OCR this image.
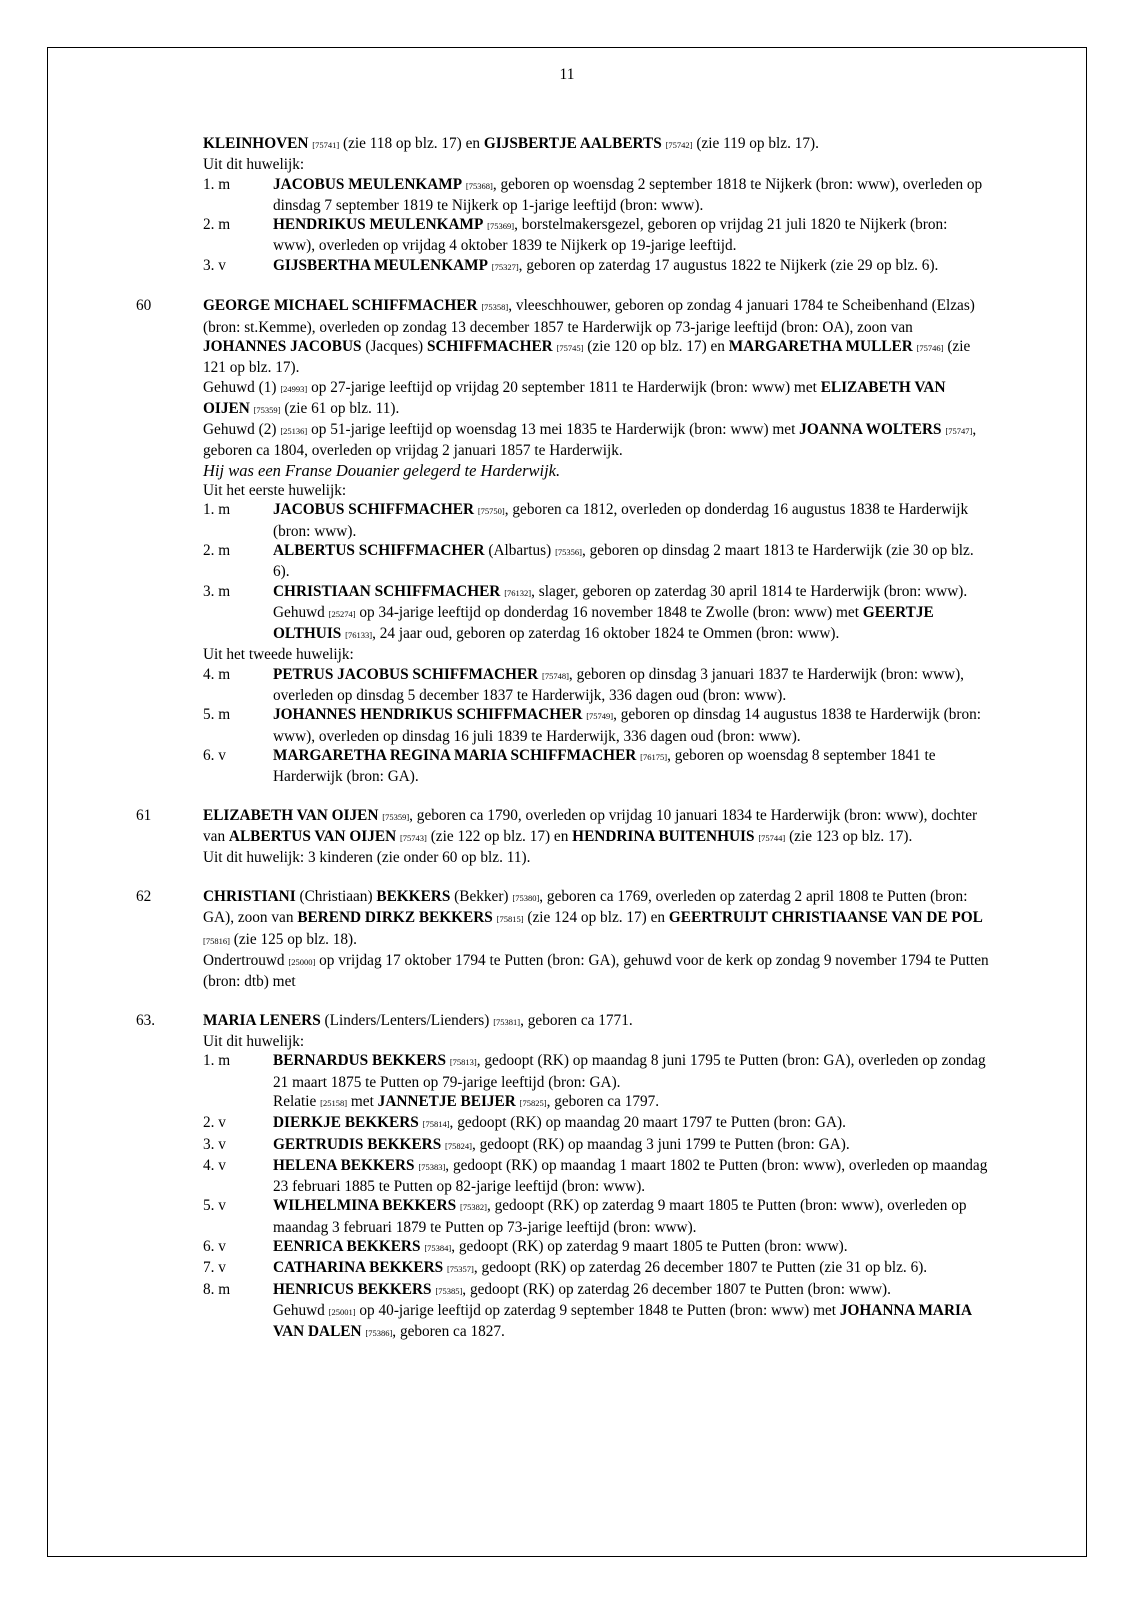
11
KLEINHOVEN [75741] (zie 118 op blz. 17) en GIJSBERTJE AALBERTS [75742] (zie 119 op blz. 17).
Uit dit huwelijk:
1. m	JACOBUS MEULENKAMP [75368], geboren op woensdag 2 september 1818 te Nijkerk (bron: www), overleden op dinsdag 7 september 1819 te Nijkerk op 1-jarige leeftijd (bron: www).
2. m	HENDRIKUS MEULENKAMP [75369], borstelmakersgezel, geboren op vrijdag 21 juli 1820 te Nijkerk (bron: www), overleden op vrijdag 4 oktober 1839 te Nijkerk op 19-jarige leeftijd.
3. v	GIJSBERTHA MEULENKAMP [75327], geboren op zaterdag 17 augustus 1822 te Nijkerk (zie 29 op blz. 6).
60	GEORGE MICHAEL SCHIFFMACHER [75358], vleeschhouwer, geboren op zondag 4 januari 1784 te Scheibenhand (Elzas) (bron: st.Kemme), overleden op zondag 13 december 1857 te Harderwijk op 73-jarige leeftijd (bron: OA), zoon van JOHANNES JACOBUS (Jacques) SCHIFFMACHER [75745] (zie 120 op blz. 17) en MARGARETHA MULLER [75746] (zie 121 op blz. 17).
Gehuwd (1) [24993] op 27-jarige leeftijd op vrijdag 20 september 1811 te Harderwijk (bron: www) met ELIZABETH VAN OIJEN [75359] (zie 61 op blz. 11).
Gehuwd (2) [25136] op 51-jarige leeftijd op woensdag 13 mei 1835 te Harderwijk (bron: www) met JOANNA WOLTERS [75747], geboren ca 1804, overleden op vrijdag 2 januari 1857 te Harderwijk.
Hij was een Franse Douanier gelegerd te Harderwijk.
Uit het eerste huwelijk:
1. m	JACOBUS SCHIFFMACHER [75750], geboren ca 1812, overleden op donderdag 16 augustus 1838 te Harderwijk (bron: www).
2. m	ALBERTUS SCHIFFMACHER (Albartus) [75356], geboren op dinsdag 2 maart 1813 te Harderwijk (zie 30 op blz. 6).
3. m	CHRISTIAAN SCHIFFMACHER [76132], slager, geboren op zaterdag 30 april 1814 te Harderwijk (bron: www).
Gehuwd [25274] op 34-jarige leeftijd op donderdag 16 november 1848 te Zwolle (bron: www) met GEERTJE OLTHUIS [76133], 24 jaar oud, geboren op zaterdag 16 oktober 1824 te Ommen (bron: www).
Uit het tweede huwelijk:
4. m	PETRUS JACOBUS SCHIFFMACHER [75748], geboren op dinsdag 3 januari 1837 te Harderwijk (bron: www), overleden op dinsdag 5 december 1837 te Harderwijk, 336 dagen oud (bron: www).
5. m	JOHANNES HENDRIKUS SCHIFFMACHER [75749], geboren op dinsdag 14 augustus 1838 te Harderwijk (bron: www), overleden op dinsdag 16 juli 1839 te Harderwijk, 336 dagen oud (bron: www).
6. v	MARGARETHA REGINA MARIA SCHIFFMACHER [76175], geboren op woensdag 8 september 1841 te Harderwijk (bron: GA).
61	ELIZABETH VAN OIJEN [75359], geboren ca 1790, overleden op vrijdag 10 januari 1834 te Harderwijk (bron: www), dochter van ALBERTUS VAN OIJEN [75743] (zie 122 op blz. 17) en HENDRINA BUITENHUIS [75744] (zie 123 op blz. 17).
Uit dit huwelijk: 3 kinderen (zie onder 60 op blz. 11).
62	CHRISTIANI (Christiaan) BEKKERS (Bekker) [75380], geboren ca 1769, overleden op zaterdag 2 april 1808 te Putten (bron: GA), zoon van BEREND DIRKZ BEKKERS [75815] (zie 124 op blz. 17) en GEERTRUIJT CHRISTIAANSE VAN DE POL [75816] (zie 125 op blz. 18).
Ondertrouwd [25000] op vrijdag 17 oktober 1794 te Putten (bron: GA), gehuwd voor de kerk op zondag 9 november 1794 te Putten (bron: dtb) met
63.	MARIA LENERS (Linders/Lenters/Lienders) [75381], geboren ca 1771.
Uit dit huwelijk:
1. m	BERNARDUS BEKKERS [75813], gedoopt (RK) op maandag 8 juni 1795 te Putten (bron: GA), overleden op zondag 21 maart 1875 te Putten op 79-jarige leeftijd (bron: GA).
Relatie [25158] met JANNETJE BEIJER [75825], geboren ca 1797.
2. v	DIERKJE BEKKERS [75814], gedoopt (RK) op maandag 20 maart 1797 te Putten (bron: GA).
3. v	GERTRUDIS BEKKERS [75824], gedoopt (RK) op maandag 3 juni 1799 te Putten (bron: GA).
4. v	HELENA BEKKERS [75383], gedoopt (RK) op maandag 1 maart 1802 te Putten (bron: www), overleden op maandag 23 februari 1885 te Putten op 82-jarige leeftijd (bron: www).
5. v	WILHELMINA BEKKERS [75382], gedoopt (RK) op zaterdag 9 maart 1805 te Putten (bron: www), overleden op maandag 3 februari 1879 te Putten op 73-jarige leeftijd (bron: www).
6. v	EENRICA BEKKERS [75384], gedoopt (RK) op zaterdag 9 maart 1805 te Putten (bron: www).
7. v	CATHARINA BEKKERS [75357], gedoopt (RK) op zaterdag 26 december 1807 te Putten (zie 31 op blz. 6).
8. m	HENRICUS BEKKERS [75385], gedoopt (RK) op zaterdag 26 december 1807 te Putten (bron: www).
Gehuwd [25001] op 40-jarige leeftijd op zaterdag 9 september 1848 te Putten (bron: www) met JOHANNA MARIA VAN DALEN [75386], geboren ca 1827.
